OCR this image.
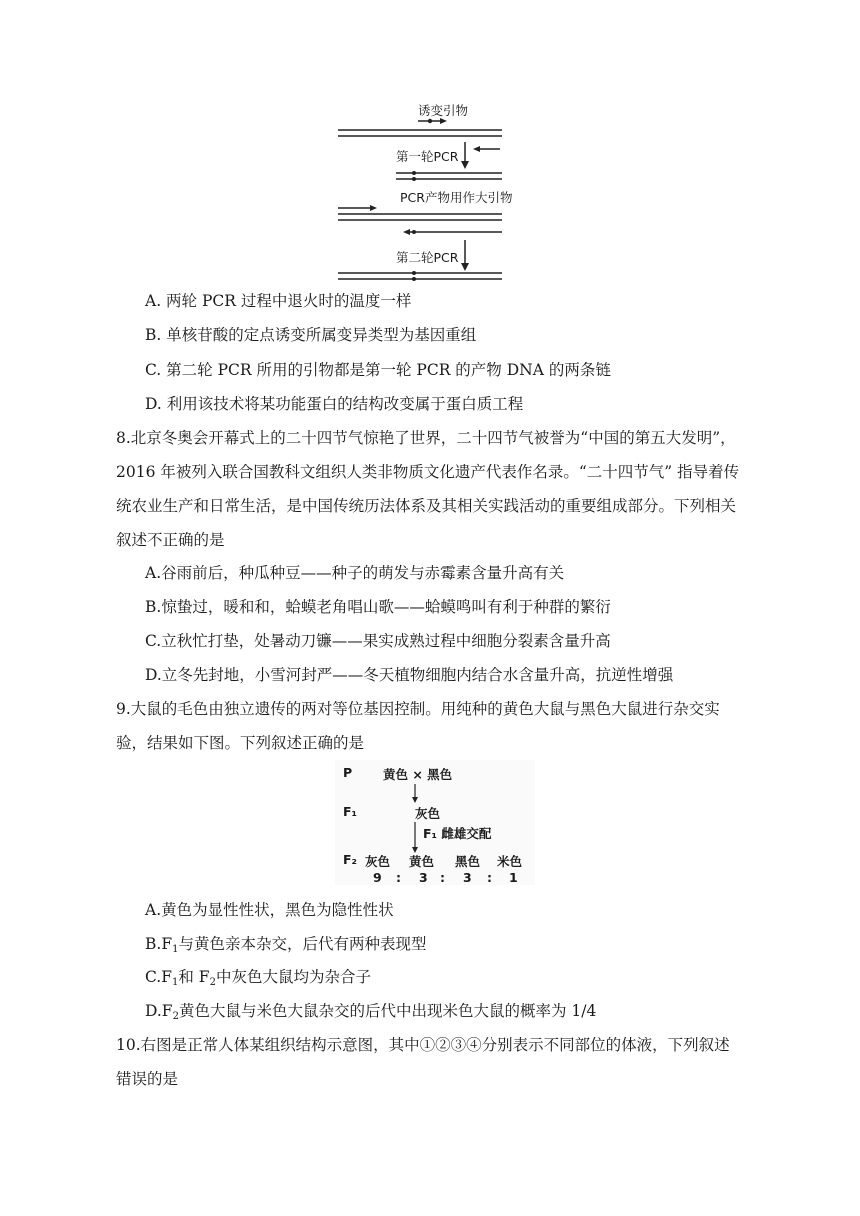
诱变引物
第一轮PCR
PCR产物用作大引物
第二轮PCR
A. 两轮 PCR 过程中退火时的温度一样
B. 单核苷酸的定点诱变所属变异类型为基因重组
C. 第二轮 PCR 所用的引物都是第一轮 PCR 的产物 DNA 的两条链
D. 利用该技术将某功能蛋白的结构改变属于蛋白质工程
8.北京冬奥会开幕式上的二十四节气惊艳了世界，二十四节气被誉为“中国的第五大发明”，
2016 年被列入联合国教科文组织人类非物质文化遗产代表作名录。“二十四节气” 指导着传
统农业生产和日常生活，是中国传统历法体系及其相关实践活动的重要组成部分。下列相关
叙述不正确的是
A.谷雨前后，种瓜种豆——种子的萌发与赤霉素含量升高有关
B.惊蛰过，暖和和，蛤蟆老角唱山歌——蛤蟆鸣叫有利于种群的繁衍
C.立秋忙打垫，处暑动刀镰——果实成熟过程中细胞分裂素含量升高
D.立冬先封地，小雪河封严——冬天植物细胞内结合水含量升高，抗逆性增强
9.大鼠的毛色由独立遗传的两对等位基因控制。用纯种的黄色大鼠与黑色大鼠进行杂交实
验，结果如下图。下列叙述正确的是
P 黄色 × 黑色
F₁	灰色
F₁ 雌雄交配
F₂ 灰色 黄色 黑色 米色
9 : 3 : 3 : 1
A.黄色为显性性状，黑色为隐性性状
$B.F_1$与黄色亲本杂交，后代有两种表现型
$C.F_1$和 $F_2$中灰色大鼠均为杂合子
$D.F_2$黄色大鼠与米色大鼠杂交的后代中出现米色大鼠的概率为 1/4
10.右图是正常人体某组织结构示意图，其中①②③④分别表示不同部位的体液，下列叙述
错误的是
